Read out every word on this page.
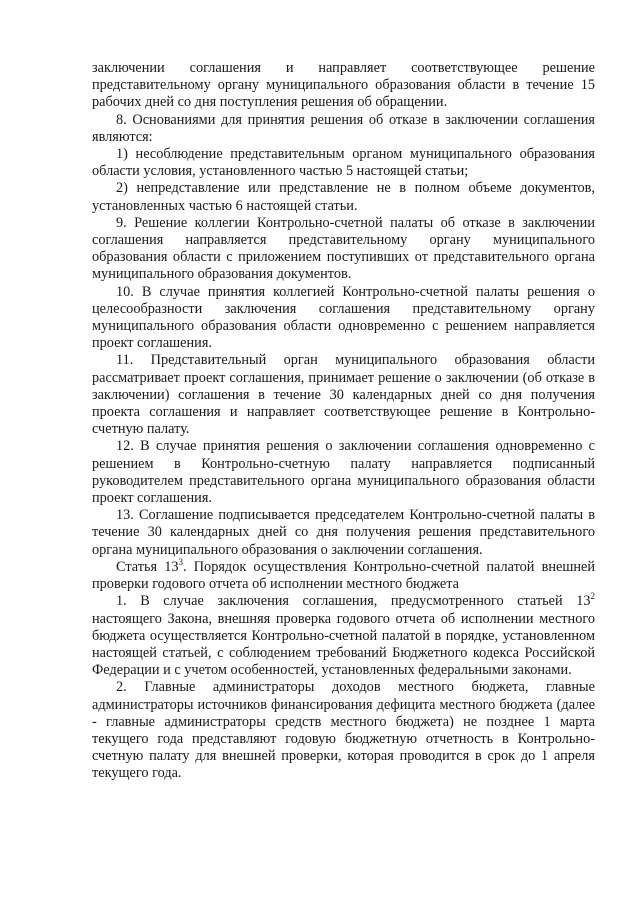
заключении соглашения и направляет соответствующее решение представительному органу муниципального образования области в течение 15 рабочих дней со дня поступления решения об обращении.

8. Основаниями для принятия решения об отказе в заключении соглашения являются:

1) несоблюдение представительным органом муниципального образования области условия, установленного частью 5 настоящей статьи;

2) непредставление или представление не в полном объеме документов, установленных частью 6 настоящей статьи.

9. Решение коллегии Контрольно-счетной палаты об отказе в заключении соглашения направляется представительному органу муниципального образования области с приложением поступивших от представительного органа муниципального образования документов.

10. В случае принятия коллегией Контрольно-счетной палаты решения о целесообразности заключения соглашения представительному органу муниципального образования области одновременно с решением направляется проект соглашения.

11. Представительный орган муниципального образования области рассматривает проект соглашения, принимает решение о заключении (об отказе в заключении) соглашения в течение 30 календарных дней со дня получения проекта соглашения и направляет соответствующее решение в Контрольно-счетную палату.

12. В случае принятия решения о заключении соглашения одновременно с решением в Контрольно-счетную палату направляется подписанный руководителем представительного органа муниципального образования области проект соглашения.

13. Соглашение подписывается председателем Контрольно-счетной палаты в течение 30 календарных дней со дня получения решения представительного органа муниципального образования о заключении соглашения.

Статья $13^3$. Порядок осуществления Контрольно-счетной палатой внешней проверки годового отчета об исполнении местного бюджета

1. В случае заключения соглашения, предусмотренного статьей $13^2$ настоящего Закона, внешняя проверка годового отчета об исполнении местного бюджета осуществляется Контрольно-счетной палатой в порядке, установленном настоящей статьей, с соблюдением требований Бюджетного кодекса Российской Федерации и с учетом особенностей, установленных федеральными законами.

2. Главные администраторы доходов местного бюджета, главные администраторы источников финансирования дефицита местного бюджета (далее - главные администраторы средств местного бюджета) не позднее 1 марта текущего года представляют годовую бюджетную отчетность в Контрольно-счетную палату для внешней проверки, которая проводится в срок до 1 апреля текущего года.
